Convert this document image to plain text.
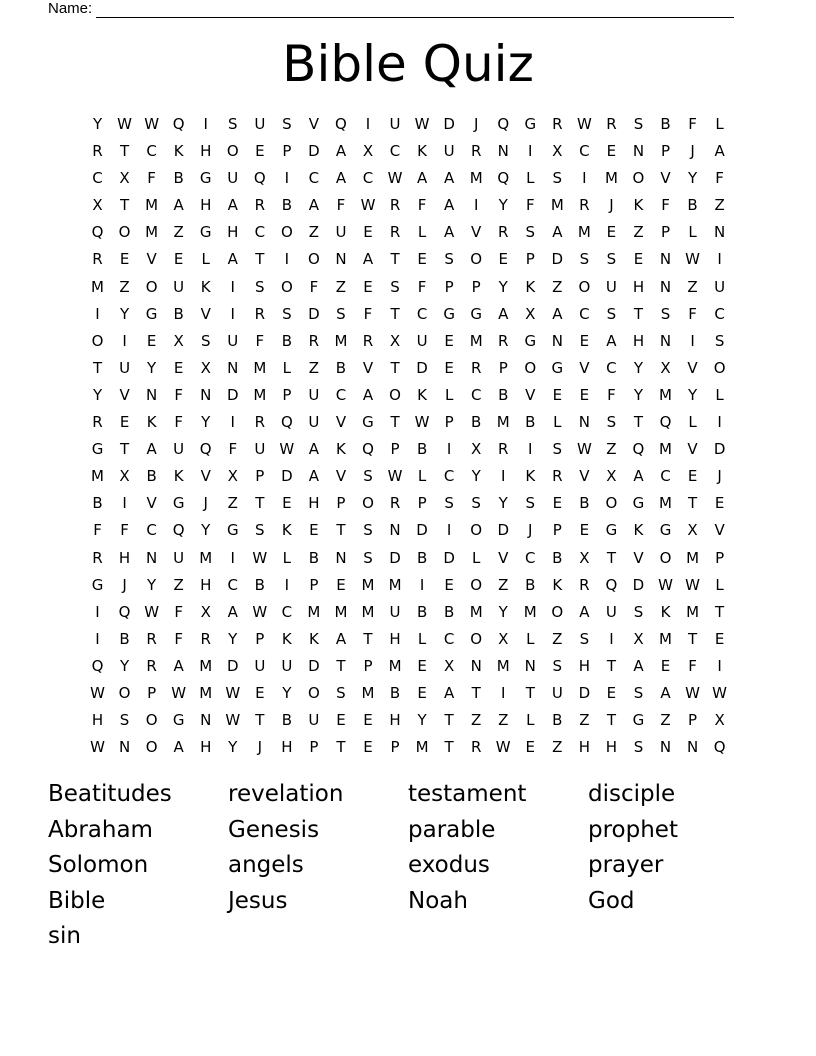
Name:
Bible Quiz
Y	W W Q	I	S	U	S	V	Q	I	U W D	J	Q	G	R W R	S	B	F	L
R	T	C	K	H	O	E	P	D	A	X	C	K	U	R	N	I	X	C	E	N	P	J	A
C	X	F	B	G	U	Q	I	C	A	C W A	A	M Q	L	S	I	M O	V	Y	F
X	T	M	A	H	A	R	B	A	F	W R	F	A	I	Y	F	M	R	J	K	F	B	Z
Q	O M	Z	G	H	C	O	Z	U	E	R	L	A	V	R	S	A	M	E	Z	P	L	N
R	E	V	E	L	A	T	I	O	N	A	T	E	S	O	E	P	D	S	S	E	N W	I
M	Z	O	U	K	I	S	O	F	Z	E	S	F	P	P	Y	K	Z	O	U	H	N	Z	U
I	Y	G	B	V	I	R	S	D	S	F	T	C	G	G	A	X	A	C	S	T	S	F	C
O	I	E	X	S	U	F	B	R	M	R	X	U	E	M	R	G	N	E	A	H	N	I	S
T	U	Y	E	X	N M	L	Z	B	V	T	D	E	R	P	O	G	V	C	Y	X	V	O
Y	V	N	F	N	D M	P	U	C	A	O	K	L	C	B	V	E	E	F	Y	M	Y	L
R	E	K	F	Y	I	R	Q	U	V	G	T	W	P	B	M	B	L	N	S	T	Q	L	I
G	T	A	U	Q	F	U W A	K	Q	P	B	I	X	R	I	S W Z	Q M	V	D
M	X	B	K	V	X	P	D	A	V	S W	L	C	Y	I	K	R	V	X	A	C	E	J
B	I	V	G	J	Z	T	E	H	P	O	R	P	S	S	Y	S	E	B	O	G M	T	E
F	F	C	Q	Y	G	S	K	E	T	S	N	D	I	O	D	J	P	E	G	K	G	X	V
R	H	N	U	M	I	W	L	B	N	S	D	B	D	L	V	C	B	X	T	V	O M	P
G	J	Y	Z	H	C	B	I	P	E	M M	I	E	O	Z	B	K	R	Q	D W W	L
I	Q W	F	X	A W C	M M M	U	B	B	M	Y	M O	A	U	S	K	M	T
I	B	R	F	R	Y	P	K	K	A	T	H	L	C	O	X	L	Z	S	I	X	M	T	E
Q	Y	R	A	M D	U	U	D	T	P	M	E	X	N M N	S	H	T	A	E	F	I
W O	P	W M W E	Y	O	S	M	B	E	A	T	I	T	U	D	E	S	A W W
H	S	O	G	N W	T	B	U	E	E	H	Y	T	Z	Z	L	B	Z	T	G	Z	P	X
W N	O	A	H	Y	J	H	P	T	E	P	M	T	R W E	Z	H	H	S	N	N	Q
Beatitudes	revelation	testament	disciple
Abraham	Genesis	parable	prophet
Solomon	angels	exodus	prayer
Bible	Jesus	Noah	God
sin
